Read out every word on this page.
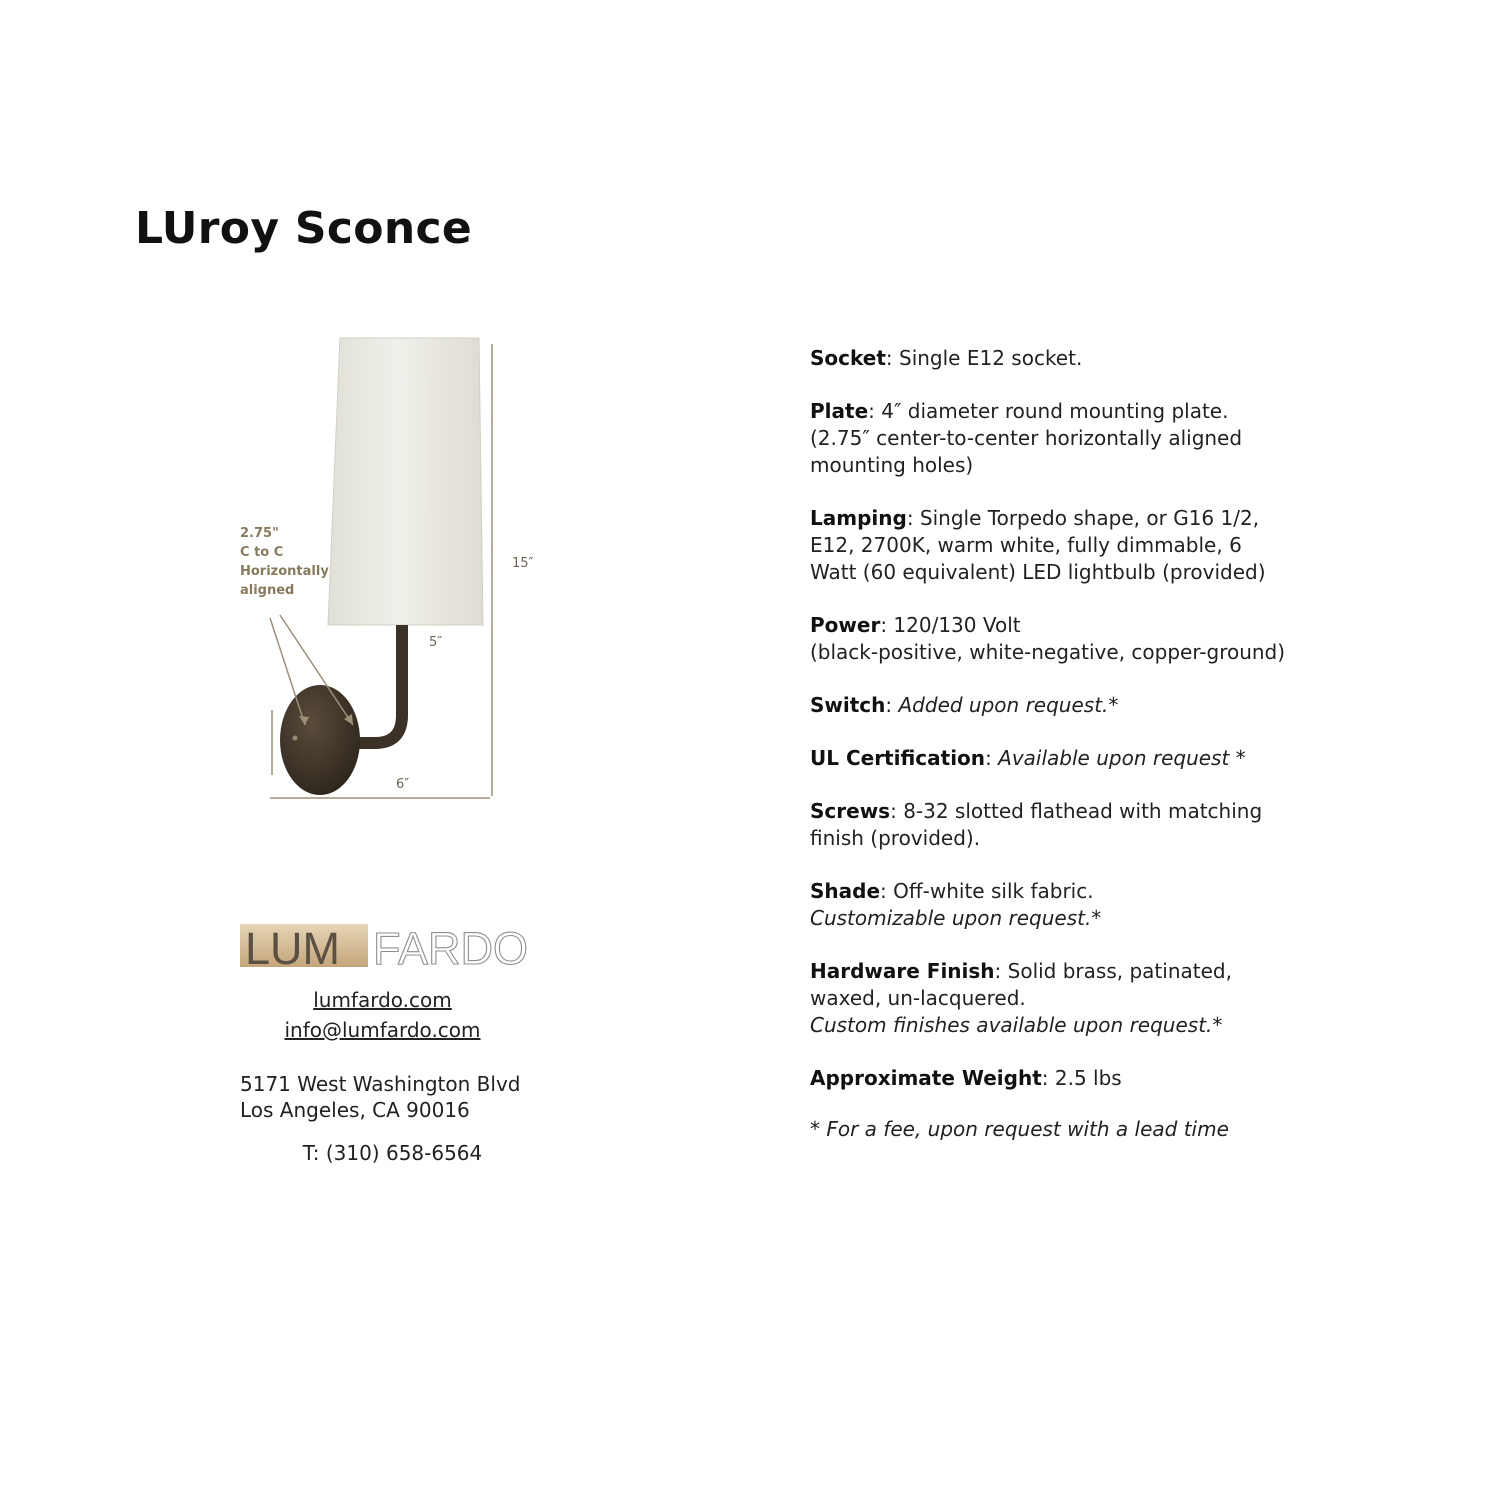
LUroy Sconce
2.75"
C to C
Horizontally
aligned
15″
5″
6″
LUM FARDO
lumfardo.com
info@lumfardo.com
5171 West Washington Blvd
Los Angeles, CA 90016
T: (310) 658-6564
Socket: Single E12 socket.
Plate: 4″ diameter round mounting plate. (2.75″ center-to-center horizontally aligned mounting holes)
Lamping: Single Torpedo shape, or G16 1/2, E12, 2700K, warm white, fully dimmable, 6 Watt (60 equivalent) LED lightbulb (provided)
Power: 120/130 Volt
(black-positive, white-negative, copper-ground)
Switch: Added upon request.*
UL Certification: Available upon request *
Screws: 8-32 slotted flathead with matching finish (provided).
Shade: Off-white silk fabric.
Customizable upon request.*
Hardware Finish: Solid brass, patinated, waxed, un-lacquered.
Custom finishes available upon request.*
Approximate Weight: 2.5 lbs
* For a fee, upon request with a lead time
